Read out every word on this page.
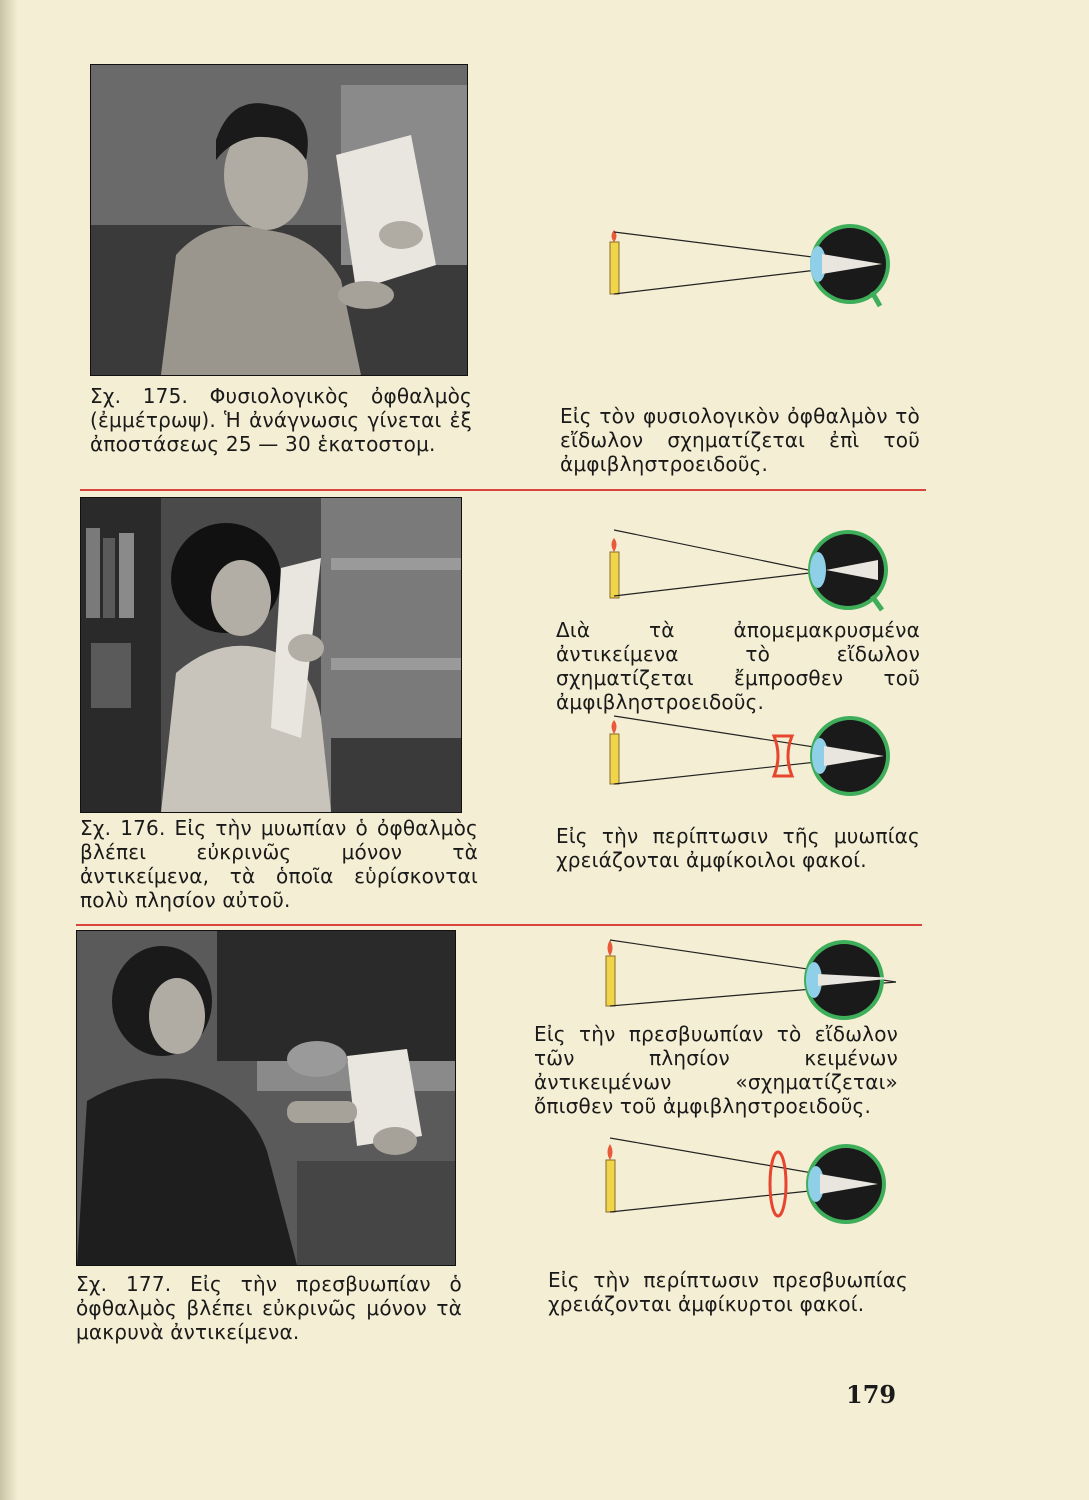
Σχ. 175. Φυσιολογικὸς ὀφθαλμὸς (ἐμμέτρωψ). Ἡ ἀνάγνωσις γίνεται ἐξ ἀποστάσεως 25 — 30 ἑκατοστομ.
Εἰς τὸν φυσιολογικὸν ὀφθαλμὸν τὸ εἴδωλον σχηματίζεται ἐπὶ τοῦ ἀμφιβληστροειδοῦς.
Σχ. 176. Εἰς τὴν μυωπίαν ὁ ὀφθαλμὸς βλέπει εὐκρινῶς μόνον τὰ ἀντικείμενα, τὰ ὁποῖα εὑρίσκονται πολὺ πλησίον αὐτοῦ.
Διὰ τὰ ἀπομεμακρυσμένα ἀντικείμενα τὸ εἴδωλον σχηματίζεται ἔμπροσθεν τοῦ ἀμφιβληστροειδοῦς.
Εἰς τὴν περίπτωσιν τῆς μυωπίας χρειάζονται ἀμφίκοιλοι φακοί.
Σχ. 177. Εἰς τὴν πρεσβυωπίαν ὁ ὀφθαλμὸς βλέπει εὐκρινῶς μόνον τὰ μακρυνὰ ἀντικείμενα.
Εἰς τὴν πρεσβυωπίαν τὸ εἴδωλον τῶν πλησίον κειμένων ἀντικειμένων «σχηματίζεται» ὄπισθεν τοῦ ἀμφιβληστροειδοῦς.
Εἰς τὴν περίπτωσιν πρεσβυωπίας χρειάζονται ἀμφίκυρτοι φακοί.
179
